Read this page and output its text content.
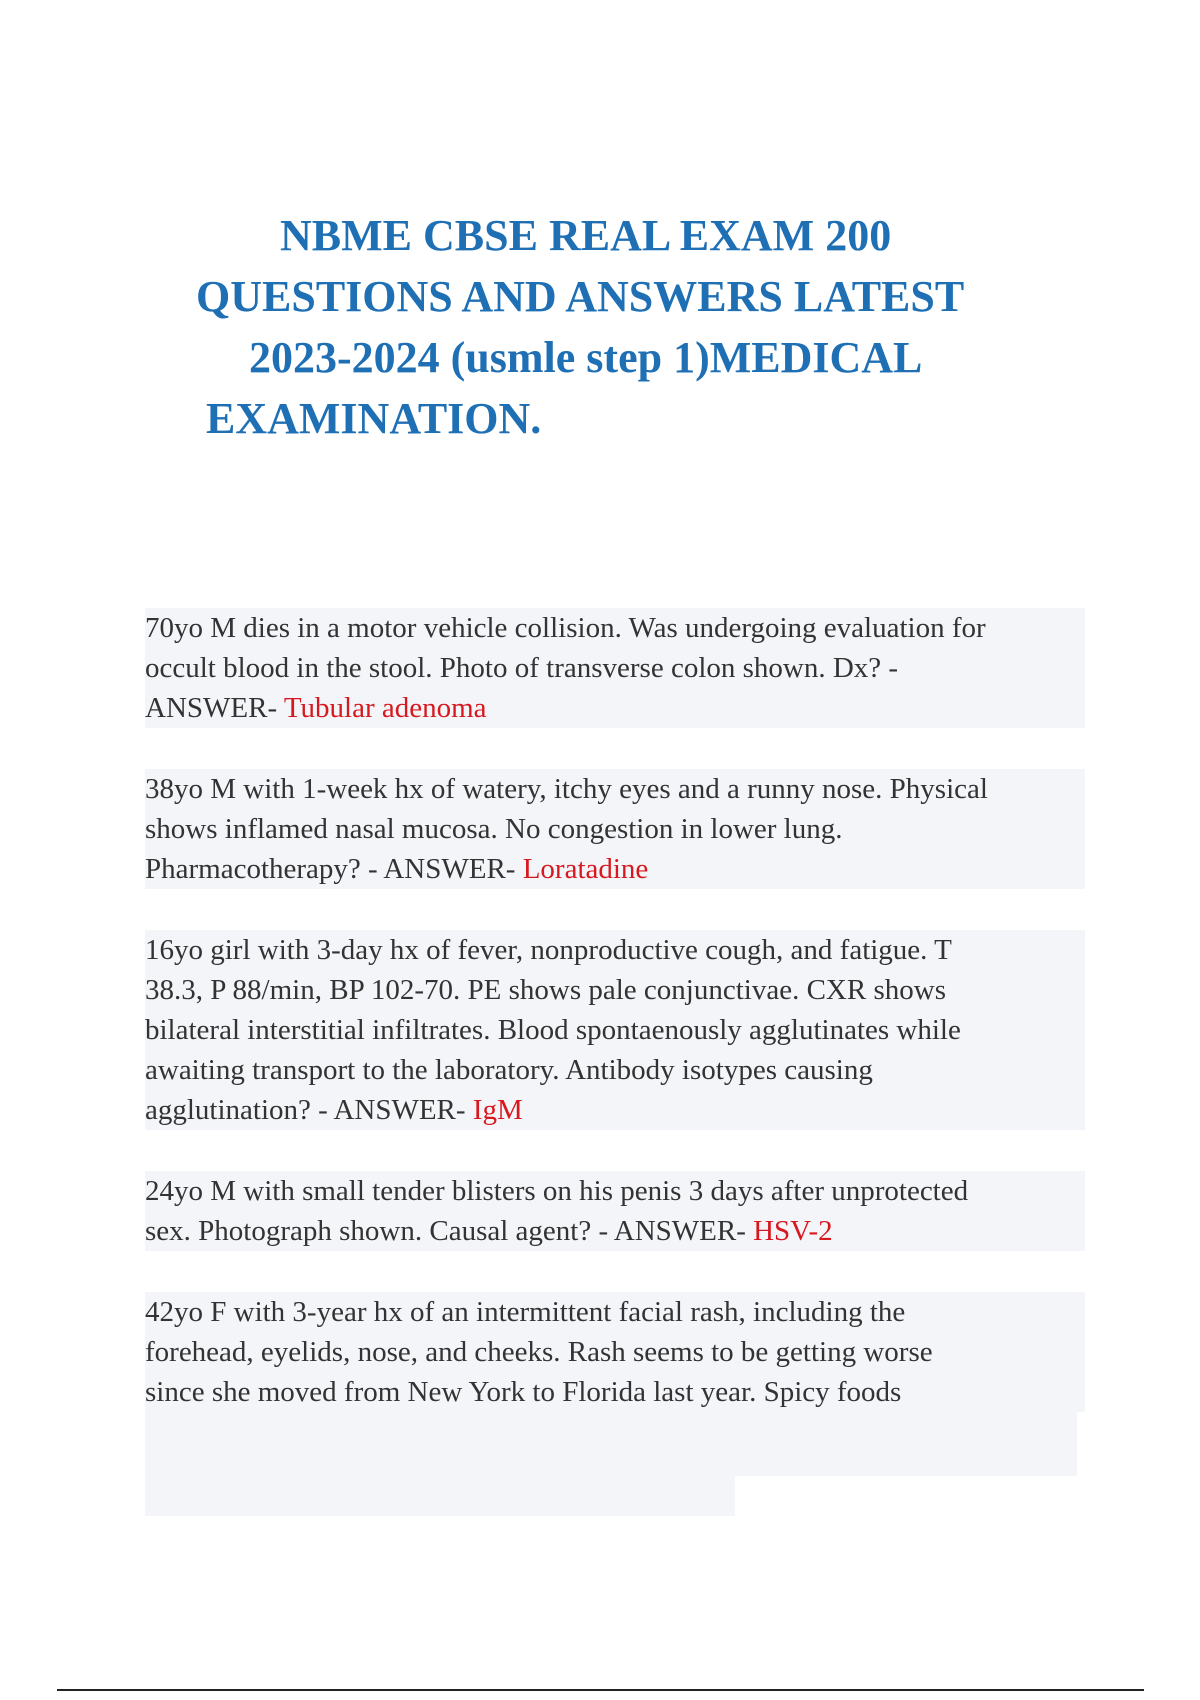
NBME CBSE REAL EXAM 200
QUESTIONS AND ANSWERS LATEST
2023-2024 (usmle step 1)MEDICAL
EXAMINATION.
70yo M dies in a motor vehicle collision. Was undergoing evaluation for
occult blood in the stool. Photo of transverse colon shown. Dx? -
ANSWER- Tubular adenoma
38yo M with 1-week hx of watery, itchy eyes and a runny nose. Physical
shows inflamed nasal mucosa. No congestion in lower lung.
Pharmacotherapy? - ANSWER- Loratadine
16yo girl with 3-day hx of fever, nonproductive cough, and fatigue. T
38.3, P 88/min, BP 102-70. PE shows pale conjunctivae. CXR shows
bilateral interstitial infiltrates. Blood spontaenously agglutinates while
awaiting transport to the laboratory. Antibody isotypes causing
agglutination? - ANSWER- IgM
24yo M with small tender blisters on his penis 3 days after unprotected
sex. Photograph shown. Causal agent? - ANSWER- HSV-2
42yo F with 3-year hx of an intermittent facial rash, including the
forehead, eyelids, nose, and cheeks. Rash seems to be getting worse
since she moved from New York to Florida last year. Spicy foods
